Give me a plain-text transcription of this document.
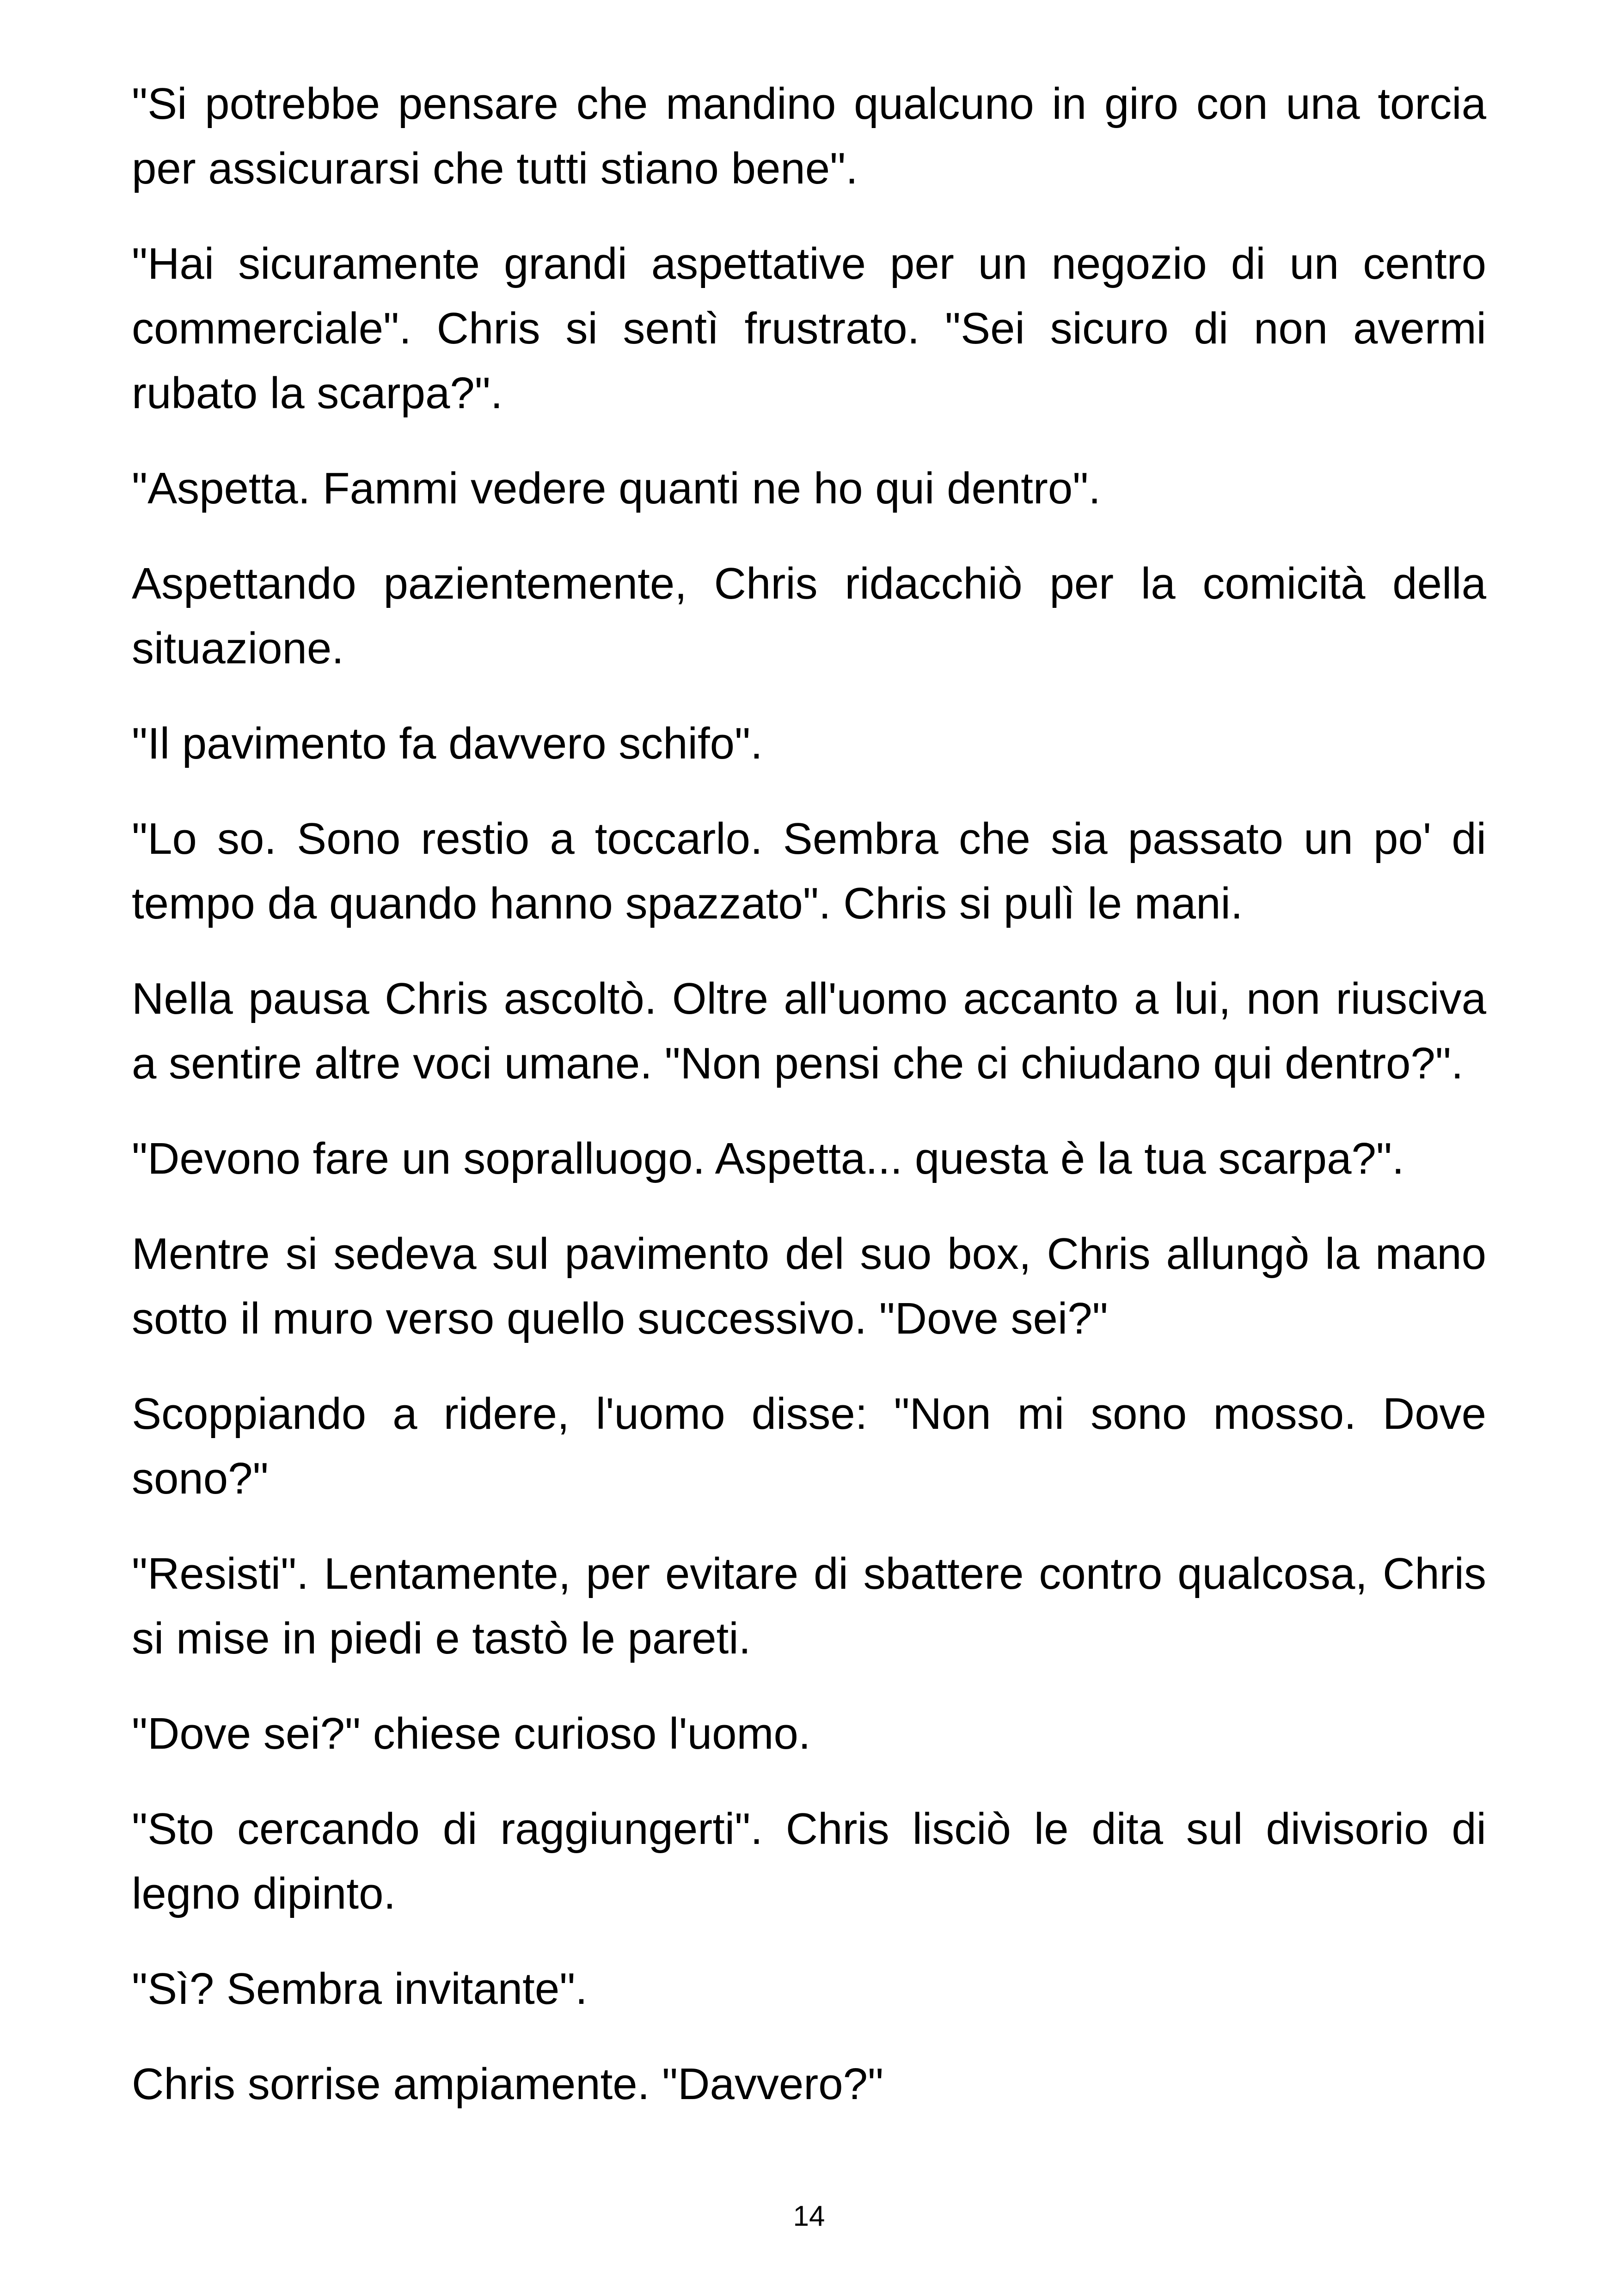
"Si potrebbe pensare che mandino qualcuno in giro con una torcia per assicurarsi che tutti stiano bene".

"Hai sicuramente grandi aspettative per un negozio di un centro commerciale". Chris si sentì frustrato. "Sei sicuro di non avermi rubato la scarpa?".

"Aspetta. Fammi vedere quanti ne ho qui dentro".

Aspettando pazientemente, Chris ridacchiò per la comicità della situazione.

"Il pavimento fa davvero schifo".

"Lo so. Sono restio a toccarlo. Sembra che sia passato un po' di tempo da quando hanno spazzato". Chris si pulì le mani.

Nella pausa Chris ascoltò. Oltre all'uomo accanto a lui, non riusciva a sentire altre voci umane. "Non pensi che ci chiudano qui dentro?".

"Devono fare un sopralluogo. Aspetta... questa è la tua scarpa?".

Mentre si sedeva sul pavimento del suo box, Chris allungò la mano sotto il muro verso quello successivo. "Dove sei?"

Scoppiando a ridere, l'uomo disse: "Non mi sono mosso. Dove sono?"

"Resisti". Lentamente, per evitare di sbattere contro qualcosa, Chris si mise in piedi e tastò le pareti.

"Dove sei?" chiese curioso l'uomo.

"Sto cercando di raggiungerti". Chris lisciò le dita sul divisorio di legno dipinto.

"Sì? Sembra invitante".

Chris sorrise ampiamente. "Davvero?"

14
